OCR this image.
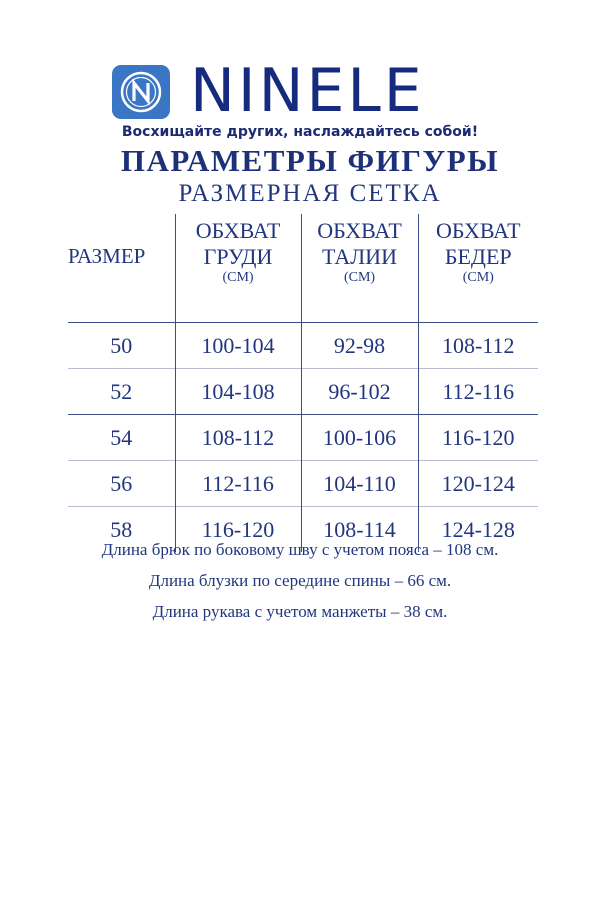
NINELE
Восхищайте других, наслаждайтесь собой!
ПАРАМЕТРЫ ФИГУРЫ
РАЗМЕРНАЯ СЕТКА
РАЗМЕР	ОБХВАТ
ГРУДИ
(СМ)	ОБХВАТ
ТАЛИИ
(СМ)	ОБХВАТ
БЕДЕР
(СМ)

50	100-104	92-98	108-112
52	104-108	96-102	112-116
54	108-112	100-106	116-120
56	112-116	104-110	120-124
58	116-120	108-114	124-128
Длина брюк по боковому шву с учетом пояса – 108 см.
Длина блузки по середине спины – 66 см.
Длина рукава с учетом манжеты – 38 см.
